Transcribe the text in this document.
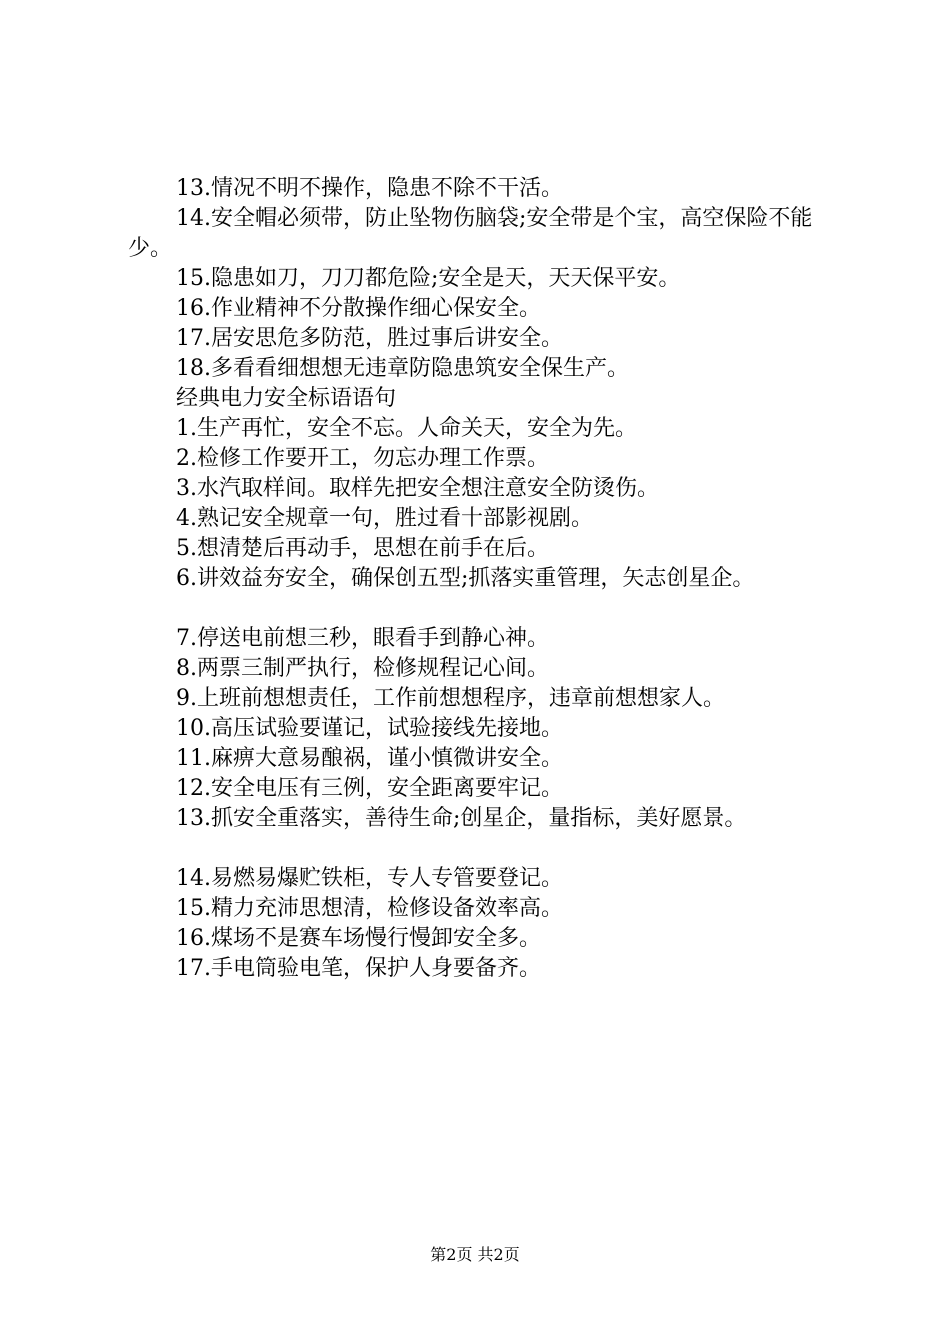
13.情况不明不操作，隐患不除不干活。
14.安全帽必须带，防止坠物伤脑袋;安全带是个宝，高空保险不能少。
15.隐患如刀，刀刀都危险;安全是天，天天保平安。
16.作业精神不分散操作细心保安全。
17.居安思危多防范，胜过事后讲安全。
18.多看看细想想无违章防隐患筑安全保生产。
经典电力安全标语语句
1.生产再忙，安全不忘。人命关天，安全为先。
2.检修工作要开工，勿忘办理工作票。
3.水汽取样间。取样先把安全想注意安全防烫伤。
4.熟记安全规章一句，胜过看十部影视剧。
5.想清楚后再动手，思想在前手在后。
6.讲效益夯安全，确保创五型;抓落实重管理，矢志创星企。
7.停送电前想三秒，眼看手到静心神。
8.两票三制严执行，检修规程记心间。
9.上班前想想责任，工作前想想程序，违章前想想家人。
10.高压试验要谨记，试验接线先接地。
11.麻痹大意易酿祸，谨小慎微讲安全。
12.安全电压有三例，安全距离要牢记。
13.抓安全重落实，善待生命;创星企，量指标，美好愿景。
14.易燃易爆贮铁柜，专人专管要登记。
15.精力充沛思想清，检修设备效率高。
16.煤场不是赛车场慢行慢卸安全多。
17.手电筒验电笔，保护人身要备齐。
第2页 共2页
